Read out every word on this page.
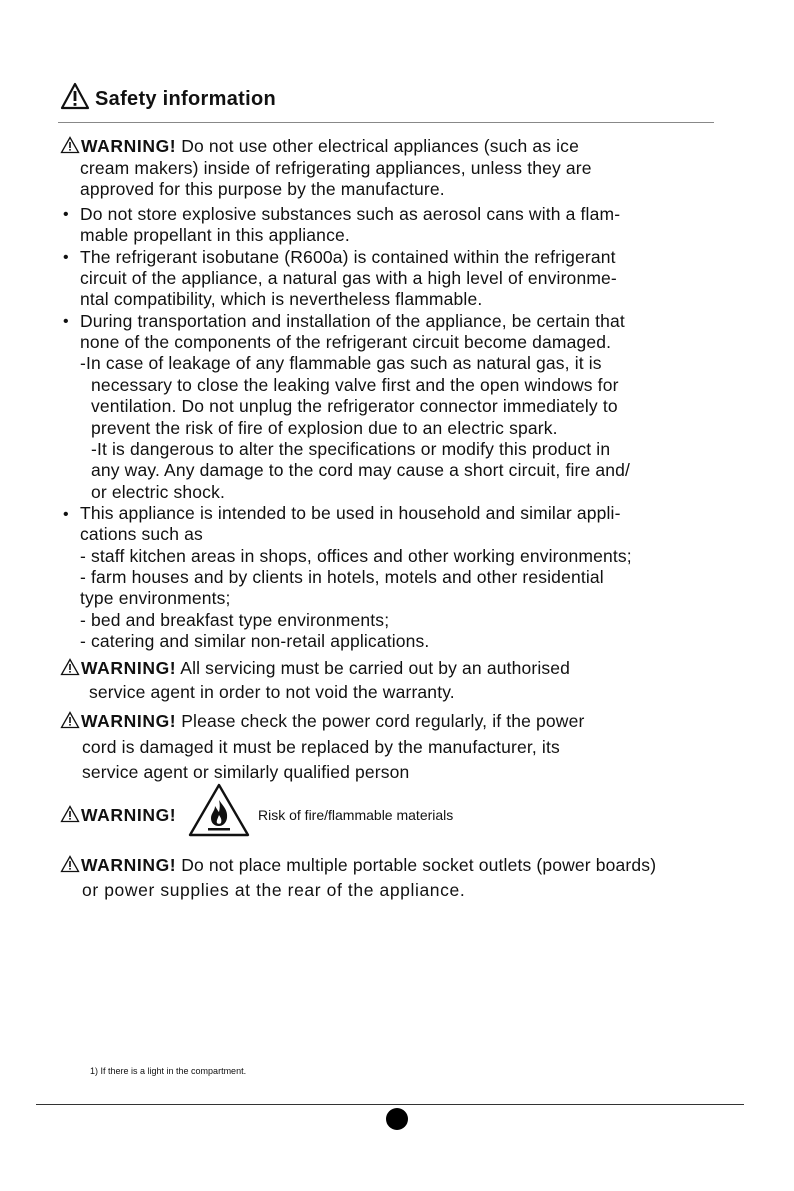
Safety information
WARNING! Do not use other electrical appliances (such as ice
cream makers) inside of refrigerating appliances, unless they are
approved for this purpose by the manufacture.
• Do not store explosive substances such as aerosol cans with a flam-
mable propellant in this appliance.
• The refrigerant isobutane (R600a) is contained within the refrigerant
circuit of the appliance, a natural gas with a high level of environme-
ntal compatibility, which is nevertheless flammable.
• During transportation and installation of the appliance, be certain that
none of the components of the refrigerant circuit become damaged.
-In case of leakage of any flammable gas such as natural gas, it is
necessary to close the leaking valve first and the open windows for
ventilation. Do not unplug the refrigerator connector immediately to
prevent the risk of fire of explosion due to an electric spark.
-It is dangerous to alter the specifications or modify this product in
any way. Any damage to the cord may cause a short circuit, fire and/
or electric shock.
• This appliance is intended to be used in household and similar appli-
cations such as
- staff kitchen areas in shops, offices and other working environments;
- farm houses and by clients in hotels, motels and other residential
type environments;
- bed and breakfast type environments;
- catering and similar non-retail applications.
WARNING! All servicing must be carried out by an authorised
service agent in order to not void the warranty.
WARNING! Please check the power cord regularly, if the power
cord is damaged it must be replaced by the manufacturer, its
service agent or similarly qualified person
WARNING!	Risk of fire/flammable materials
WARNING! Do not place multiple portable socket outlets (power boards)
or power supplies at the rear of the appliance.
1) If there is a light in the compartment.
